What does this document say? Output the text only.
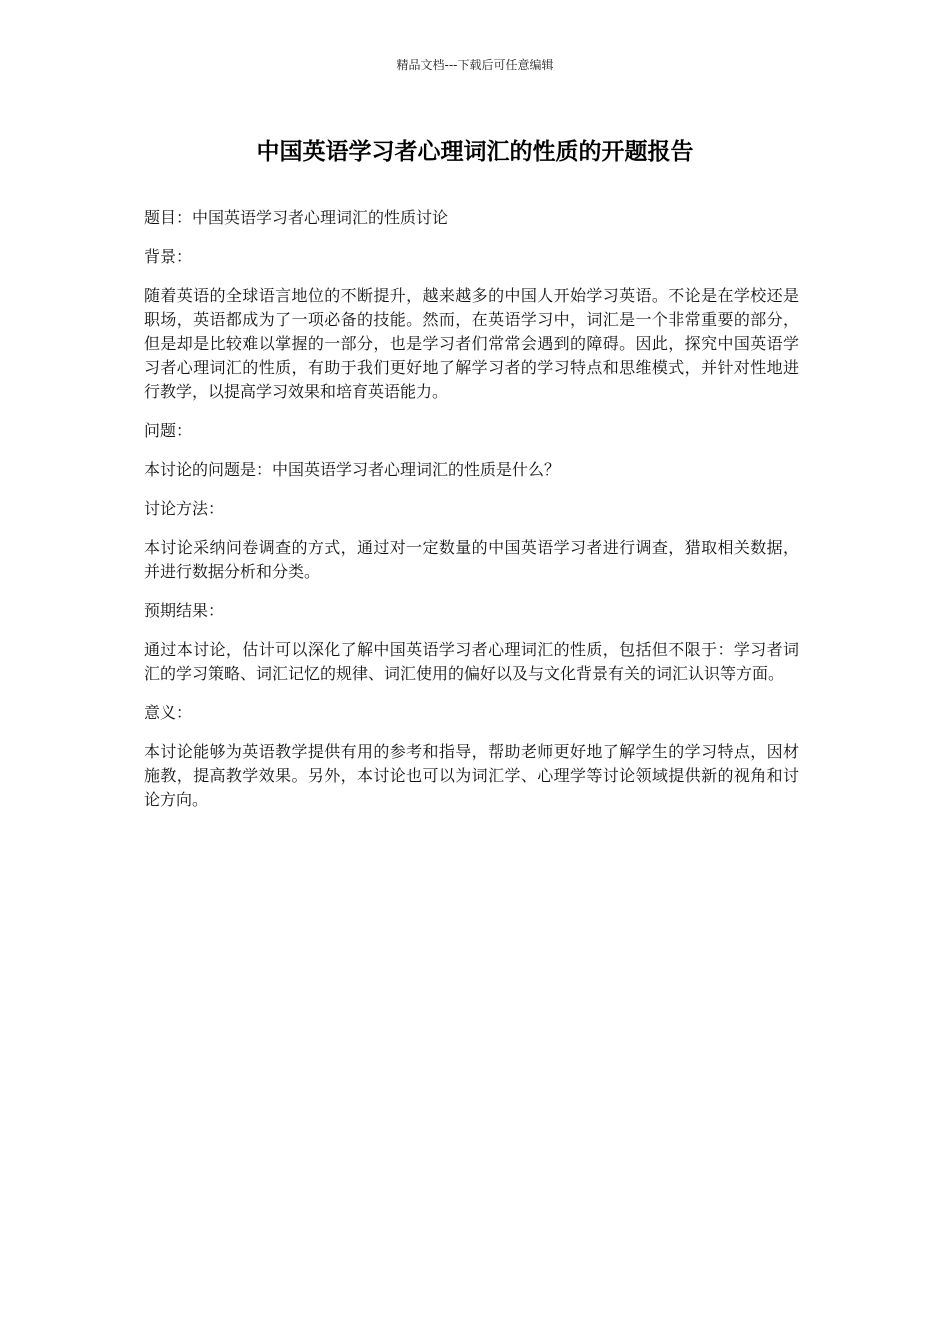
精品文档---下载后可任意编辑
中国英语学习者心理词汇的性质的开题报告

题目：中国英语学习者心理词汇的性质讨论

背景：

随着英语的全球语言地位的不断提升，越来越多的中国人开始学习英语。不论是在学校还是职场，英语都成为了一项必备的技能。然而，在英语学习中，词汇是一个非常重要的部分，但是却是比较难以掌握的一部分，也是学习者们常常会遇到的障碍。因此，探究中国英语学习者心理词汇的性质，有助于我们更好地了解学习者的学习特点和思维模式，并针对性地进行教学，以提高学习效果和培育英语能力。

问题：

本讨论的问题是：中国英语学习者心理词汇的性质是什么？

讨论方法：

本讨论采纳问卷调查的方式，通过对一定数量的中国英语学习者进行调查，猎取相关数据，并进行数据分析和分类。

预期结果：

通过本讨论，估计可以深化了解中国英语学习者心理词汇的性质，包括但不限于：学习者词汇的学习策略、词汇记忆的规律、词汇使用的偏好以及与文化背景有关的词汇认识等方面。

意义：

本讨论能够为英语教学提供有用的参考和指导，帮助老师更好地了解学生的学习特点，因材施教，提高教学效果。另外，本讨论也可以为词汇学、心理学等讨论领域提供新的视角和讨论方向。
